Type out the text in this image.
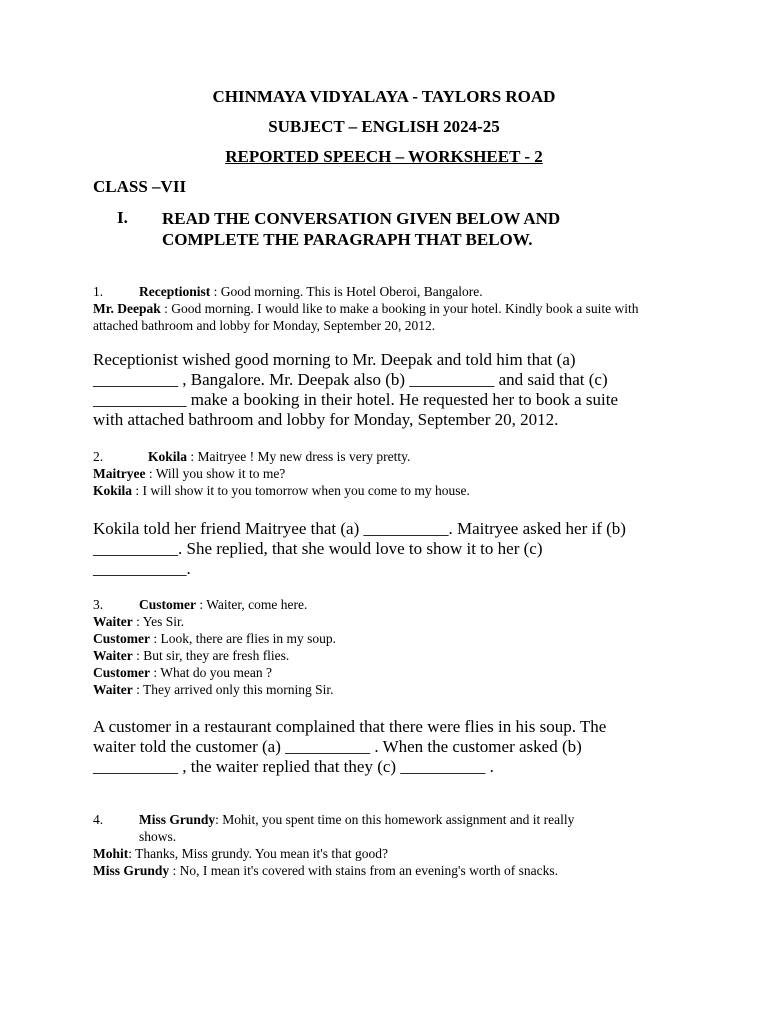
CHINMAYA VIDYALAYA - TAYLORS ROAD
SUBJECT – ENGLISH 2024-25
REPORTED SPEECH – WORKSHEET - 2
CLASS –VII
I. READ THE CONVERSATION GIVEN BELOW AND
COMPLETE THE PARAGRAPH THAT BELOW.
1.	Receptionist : Good morning. This is Hotel Oberoi, Bangalore.
Mr. Deepak : Good morning. I would like to make a booking in your hotel. Kindly book a suite with attached bathroom and lobby for Monday, September 20, 2012.
Receptionist wished good morning to Mr. Deepak and told him that (a)
__________ , Bangalore. Mr. Deepak also (b) __________ and said that (c)
___________ make a booking in their hotel. He requested her to book a suite
with attached bathroom and lobby for Monday, September 20, 2012.
2.	Kokila : Maitryee ! My new dress is very pretty.
Maitryee : Will you show it to me?
Kokila : I will show it to you tomorrow when you come to my house.
Kokila told her friend Maitryee that (a) __________. Maitryee asked her if (b)
__________. She replied, that she would love to show it to her (c)
___________.
3.	Customer : Waiter, come here.
Waiter : Yes Sir.
Customer : Look, there are flies in my soup.
Waiter : But sir, they are fresh flies.
Customer : What do you mean ?
Waiter : They arrived only this morning Sir.
A customer in a restaurant complained that there were flies in his soup. The
waiter told the customer (a) __________ . When the customer asked (b)
__________ , the waiter replied that they (c) __________ .
4.	Miss Grundy: Mohit, you spent time on this homework assignment and it really
shows.
Mohit: Thanks, Miss grundy. You mean it's that good?
Miss Grundy : No, I mean it's covered with stains from an evening's worth of snacks.
